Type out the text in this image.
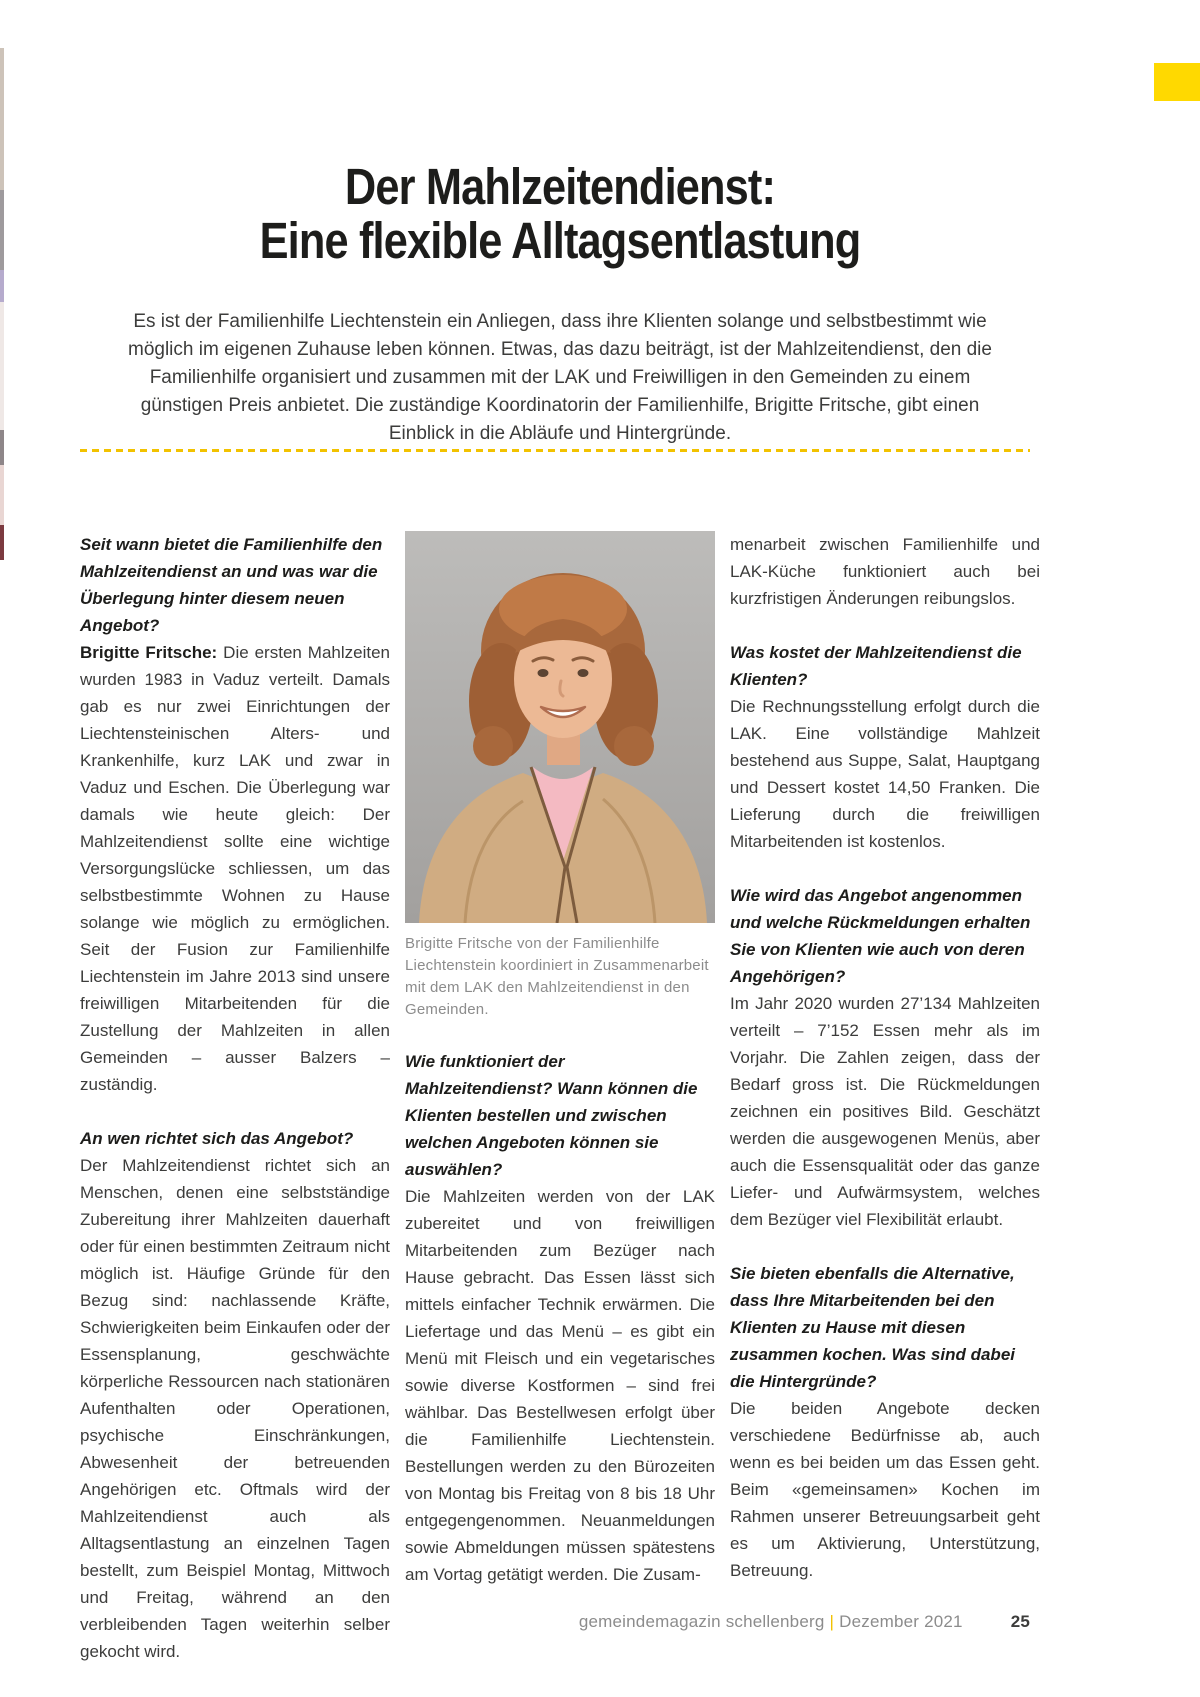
Der Mahlzeitendienst:
Eine flexible Alltagsentlastung

Es ist der Familienhilfe Liechtenstein ein Anliegen, dass ihre Klienten solange und selbstbestimmt wie möglich im eigenen Zuhause leben können. Etwas, das dazu beiträgt, ist der Mahlzeitendienst, den die Familienhilfe organisiert und zusammen mit der LAK und Freiwilligen in den Gemeinden zu einem günstigen Preis anbietet. Die zuständige Koordinatorin der Familienhilfe, Brigitte Fritsche, gibt einen Einblick in die Abläufe und Hintergründe.

Seit wann bietet die Familienhilfe den Mahlzeitendienst an und was war die Überlegung hinter diesem neuen Angebot?

Brigitte Fritsche: Die ersten Mahlzeiten wurden 1983 in Vaduz verteilt. Damals gab es nur zwei Einrichtungen der Liechtensteinischen Alters- und Krankenhilfe, kurz LAK und zwar in Vaduz und Eschen. Die Überlegung war damals wie heute gleich: Der Mahlzeitendienst sollte eine wichtige Versorgungslücke schliessen, um das selbstbestimmte Wohnen zu Hause solange wie möglich zu ermöglichen. Seit der Fusion zur Familienhilfe Liechtenstein im Jahre 2013 sind unsere freiwilligen Mitarbeitenden für die Zustellung der Mahlzeiten in allen Gemeinden – ausser Balzers – zuständig.

An wen richtet sich das Angebot?

Der Mahlzeitendienst richtet sich an Menschen, denen eine selbstständige Zubereitung ihrer Mahlzeiten dauerhaft oder für einen bestimmten Zeitraum nicht möglich ist. Häufige Gründe für den Bezug sind: nachlassende Kräfte, Schwierigkeiten beim Einkaufen oder der Essensplanung, geschwächte körperliche Ressourcen nach stationären Aufenthalten oder Operationen, psychische Einschränkungen, Abwesenheit der betreuenden Angehörigen etc. Oftmals wird der Mahlzeitendienst auch als Alltagsentlastung an einzelnen Tagen bestellt, zum Beispiel Montag, Mittwoch und Freitag, während an den verbleibenden Tagen weiterhin selber gekocht wird.

Brigitte Fritsche von der Familienhilfe Liechtenstein koordiniert in Zusammenarbeit mit dem LAK den Mahlzeitendienst in den Gemeinden.

Wie funktioniert der Mahlzeitendienst? Wann können die Klienten bestellen und zwischen welchen Angeboten können sie auswählen?

Die Mahlzeiten werden von der LAK zubereitet und von freiwilligen Mitarbeitenden zum Bezüger nach Hause gebracht. Das Essen lässt sich mittels einfacher Technik erwärmen. Die Liefertage und das Menü – es gibt ein Menü mit Fleisch und ein vegetarisches sowie diverse Kostformen – sind frei wählbar. Das Bestellwesen erfolgt über die Familienhilfe Liechtenstein. Bestellungen werden zu den Bürozeiten von Montag bis Freitag von 8 bis 18 Uhr entgegengenommen. Neuanmeldungen sowie Abmeldungen müssen spätestens am Vortag getätigt werden. Die Zusam-

menarbeit zwischen Familienhilfe und LAK-Küche funktioniert auch bei kurzfristigen Änderungen reibungslos.

Was kostet der Mahlzeitendienst die Klienten?

Die Rechnungsstellung erfolgt durch die LAK. Eine vollständige Mahlzeit bestehend aus Suppe, Salat, Hauptgang und Dessert kostet 14,50 Franken. Die Lieferung durch die freiwilligen Mitarbeitenden ist kostenlos.

Wie wird das Angebot angenommen und welche Rückmeldungen erhalten Sie von Klienten wie auch von deren Angehörigen?

Im Jahr 2020 wurden 27’134 Mahlzeiten verteilt – 7’152 Essen mehr als im Vorjahr. Die Zahlen zeigen, dass der Bedarf gross ist. Die Rückmeldungen zeichnen ein positives Bild. Geschätzt werden die ausgewogenen Menüs, aber auch die Essensqualität oder das ganze Liefer- und Aufwärmsystem, welches dem Bezüger viel Flexibilität erlaubt.

Sie bieten ebenfalls die Alternative, dass Ihre Mitarbeitenden bei den Klienten zu Hause mit diesen zusammen kochen. Was sind dabei die Hintergründe?

Die beiden Angebote decken verschiedene Bedürfnisse ab, auch wenn es bei beiden um das Essen geht. Beim «gemeinsamen» Kochen im Rahmen unserer Betreuungsarbeit geht es um Aktivierung, Unterstützung, Betreuung.

gemeindemagazin schellenberg | Dezember 2021	25
